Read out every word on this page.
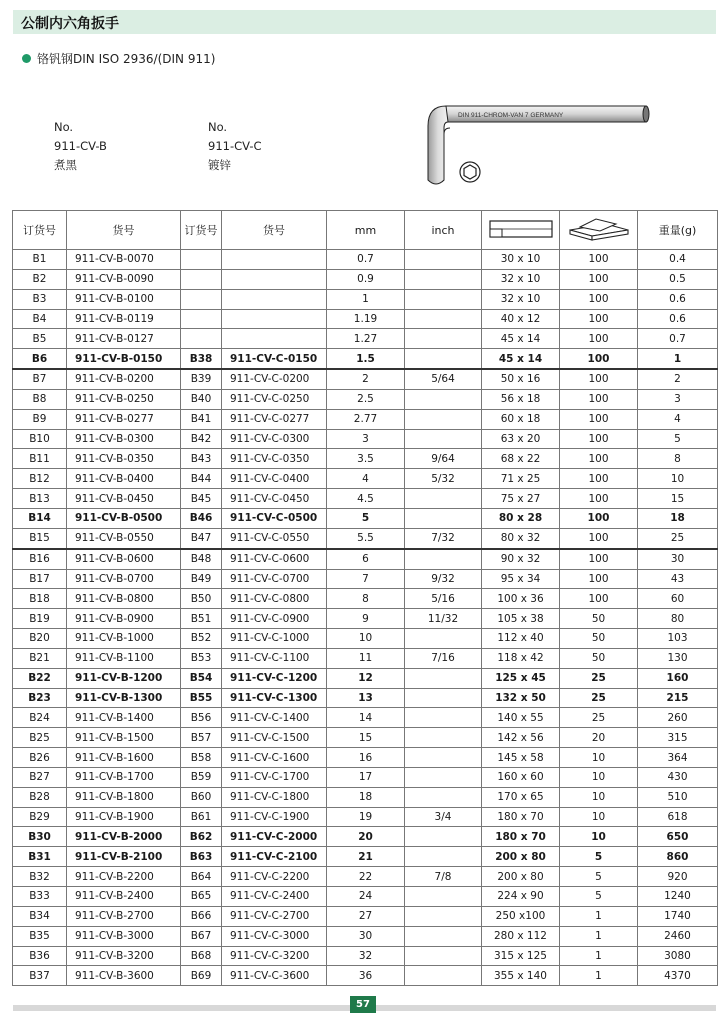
公制内六角扳手
铬钒钢DIN ISO 2936/(DIN 911)
No.
911-CV-B
煮黑
No.
911-CV-C
镀锌
DIN 911-CHROM-VAN 7 GERMANY
订货号	货号	订货号	货号	mm	inch			重量(g)
B1	911-CV-B-0070			0.7		30 x 10	100	0.4
B2	911-CV-B-0090			0.9		32 x 10	100	0.5
B3	911-CV-B-0100			1		32 x 10	100	0.6
B4	911-CV-B-0119			1.19		40 x 12	100	0.6
B5	911-CV-B-0127			1.27		45 x 14	100	0.7
B6	911-CV-B-0150	B38	911-CV-C-0150	1.5		45 x 14	100	1
B7	911-CV-B-0200	B39	911-CV-C-0200	2	5/64	50 x 16	100	2
B8	911-CV-B-0250	B40	911-CV-C-0250	2.5		56 x 18	100	3
B9	911-CV-B-0277	B41	911-CV-C-0277	2.77		60 x 18	100	4
B10	911-CV-B-0300	B42	911-CV-C-0300	3		63 x 20	100	5
B11	911-CV-B-0350	B43	911-CV-C-0350	3.5	9/64	68 x 22	100	8
B12	911-CV-B-0400	B44	911-CV-C-0400	4	5/32	71 x 25	100	10
B13	911-CV-B-0450	B45	911-CV-C-0450	4.5		75 x 27	100	15
B14	911-CV-B-0500	B46	911-CV-C-0500	5		80 x 28	100	18
B15	911-CV-B-0550	B47	911-CV-C-0550	5.5	7/32	80 x 32	100	25
B16	911-CV-B-0600	B48	911-CV-C-0600	6		90 x 32	100	30
B17	911-CV-B-0700	B49	911-CV-C-0700	7	9/32	95 x 34	100	43
B18	911-CV-B-0800	B50	911-CV-C-0800	8	5/16	100 x 36	100	60
B19	911-CV-B-0900	B51	911-CV-C-0900	9	11/32	105 x 38	50	80
B20	911-CV-B-1000	B52	911-CV-C-1000	10		112 x 40	50	103
B21	911-CV-B-1100	B53	911-CV-C-1100	11	7/16	118 x 42	50	130
B22	911-CV-B-1200	B54	911-CV-C-1200	12		125 x 45	25	160
B23	911-CV-B-1300	B55	911-CV-C-1300	13		132 x 50	25	215
B24	911-CV-B-1400	B56	911-CV-C-1400	14		140 x 55	25	260
B25	911-CV-B-1500	B57	911-CV-C-1500	15		142 x 56	20	315
B26	911-CV-B-1600	B58	911-CV-C-1600	16		145 x 58	10	364
B27	911-CV-B-1700	B59	911-CV-C-1700	17		160 x 60	10	430
B28	911-CV-B-1800	B60	911-CV-C-1800	18		170 x 65	10	510
B29	911-CV-B-1900	B61	911-CV-C-1900	19	3/4	180 x 70	10	618
B30	911-CV-B-2000	B62	911-CV-C-2000	20		180 x 70	10	650
B31	911-CV-B-2100	B63	911-CV-C-2100	21		200 x 80	5	860
B32	911-CV-B-2200	B64	911-CV-C-2200	22	7/8	200 x 80	5	920
B33	911-CV-B-2400	B65	911-CV-C-2400	24		224 x 90	5	1240
B34	911-CV-B-2700	B66	911-CV-C-2700	27		250 x100	1	1740
B35	911-CV-B-3000	B67	911-CV-C-3000	30		280 x 112	1	2460
B36	911-CV-B-3200	B68	911-CV-C-3200	32		315 x 125	1	3080
B37	911-CV-B-3600	B69	911-CV-C-3600	36		355 x 140	1	4370
57
